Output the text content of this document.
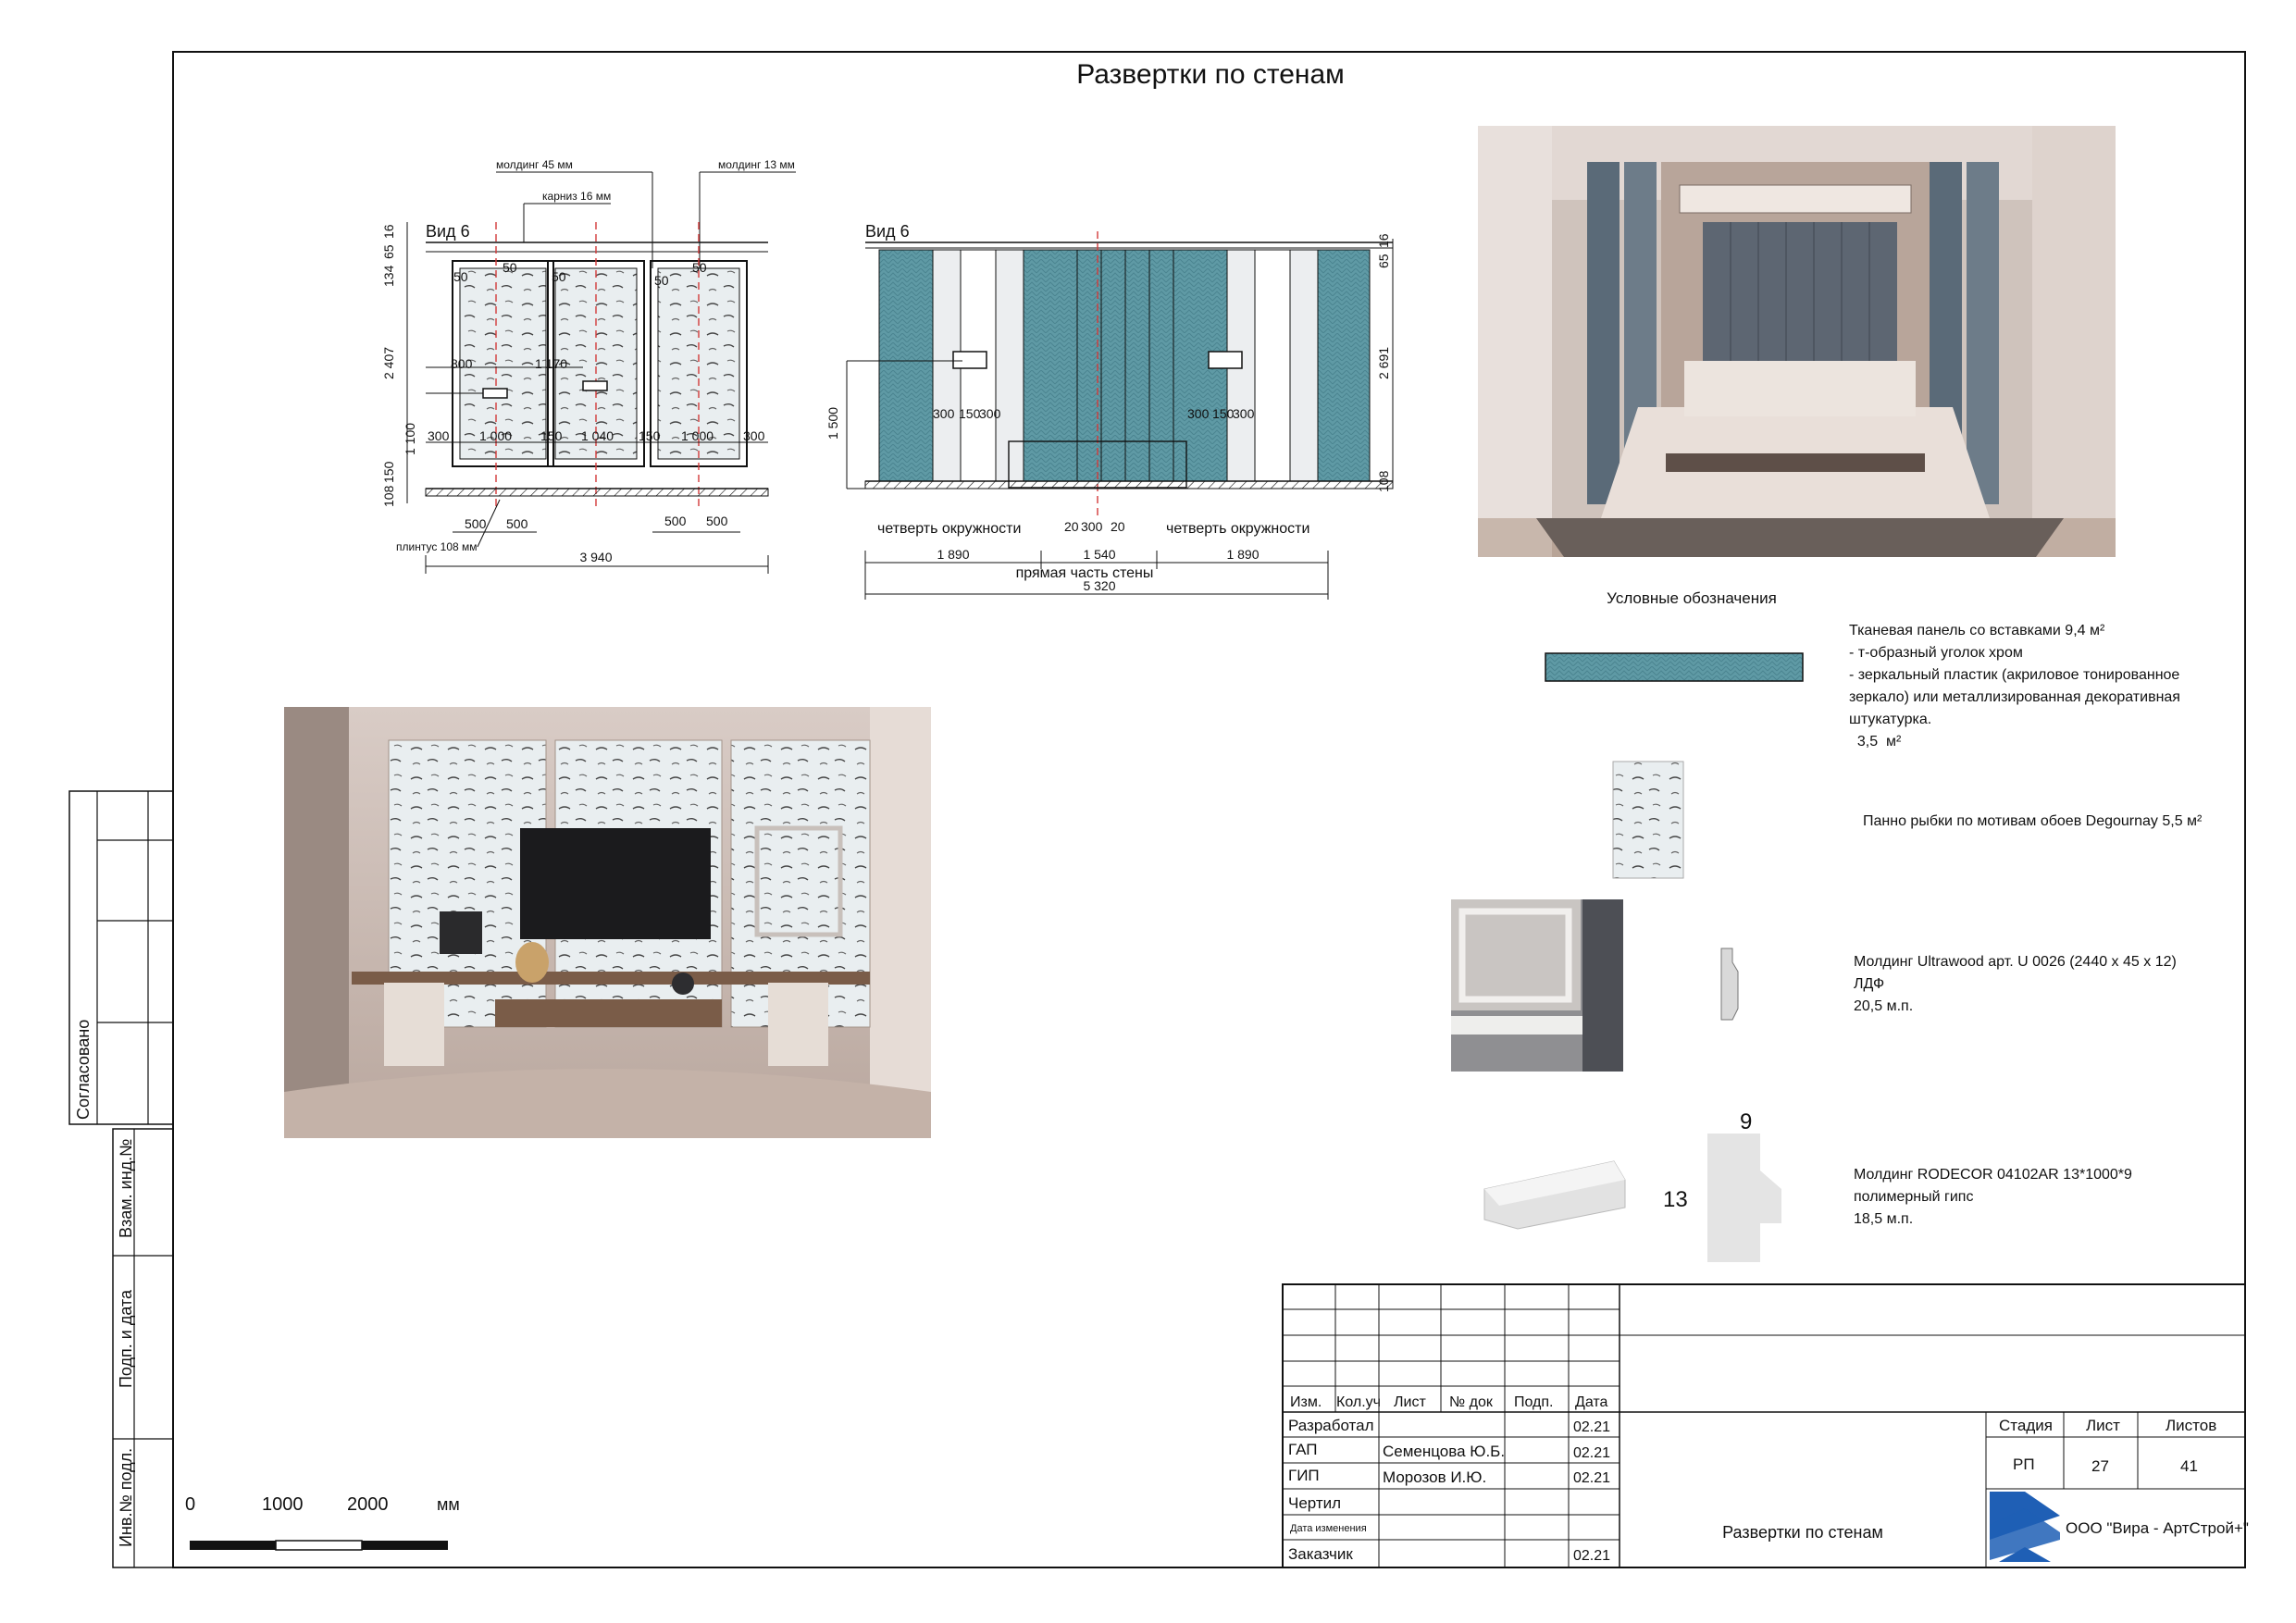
Развертки по стенам
Согласовано
Взам. инд.№
Подп. и дата
Инв.№ подл.
Вид 6
молдинг 45 мм	молдинг 13 мм
карниз 16 мм
16
65
134
2 407
1 100
150
108
50
50
50	50
50
800	1 170
300 1 000 150 1 040 150 1 000 300
500 500	500 500
плинтус 108 мм
3 940
Вид 6
1 500
16
65
2 691
108
300 150
300	300 150
300
четверть окружности	20 300 20	четверть окружности
1 890	1 540	1 890
прямая часть стены
5 320
Условные обозначения
Тканевая панель со вставками 9,4 м²
- т-образный уголок хром
- зеркальный пластик (акриловое тонированное
зеркало) или металлизированная декоративная
штукатурка.
3,5  м²
Панно рыбки по мотивам обоев Degournay 5,5 м²
Молдинг Ultrawood арт. U 0026 (2440 х 45 х 12)
ЛДФ
20,5 м.п.
9
13
Молдинг RODECOR 04102AR 13*1000*9
полимерный гипс
18,5 м.п.
0	1000 2000	мм
Изм. Кол.уч Лист № док Подп. Дата
Разработал	02.21
ГАП	Семенцова Ю.Б.	02.21
ГИП	Морозов И.Ю.	02.21
Чертил
Дата изменения
Заказчик	02.21
Стадия Лист	Листов
РП	27	41
Развертки по стенам	ООО "Вира - АртСтрой+"
